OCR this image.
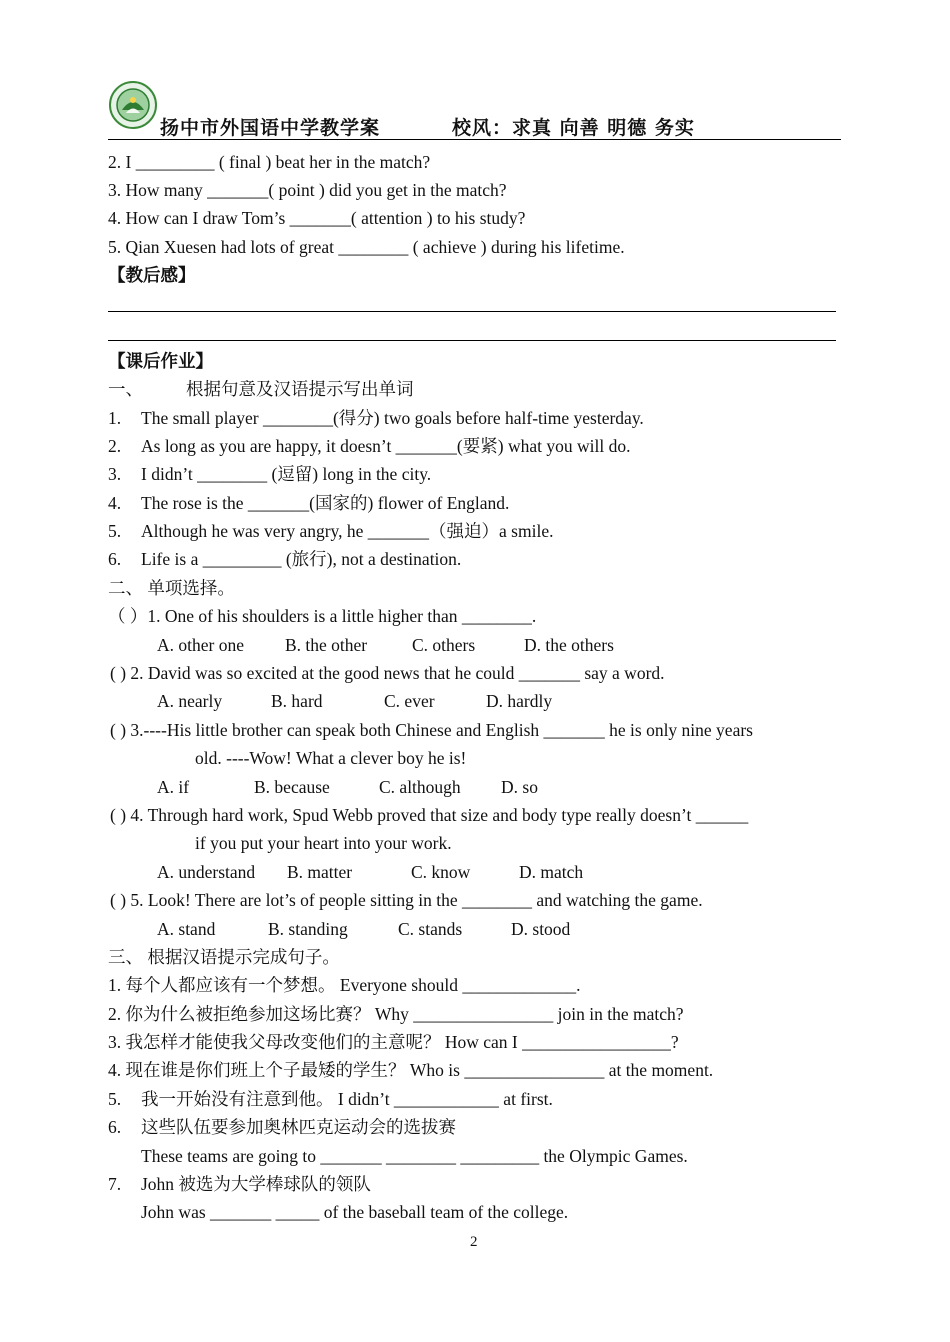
扬中市外国语中学教学案	校风：求真 向善 明德 务实
2. I _________ ( final ) beat her in the match?
3. How many _______( point ) did you get in the match?
4. How can I draw Tom’s _______( attention ) to his study?
5. Qian Xuesen had lots of great ________ ( achieve ) during his lifetime.
【教后感】
【课后作业】
一、 根据句意及汉语提示写出单词
1. The small player ________(得分) two goals before half-time yesterday.
2. As long as you are happy, it doesn’t _______(要紧) what you will do.
3. I didn’t ________ (逗留) long in the city.
4. The rose is the _______(国家的) flower of England.
5. Although he was very angry, he _______（强迫）a smile.
6. Life is a _________ (旅行), not a destination.
二、 单项选择。
（ ）1. One of his shoulders is a little higher than ________.
A. other one B. the other	C. others	D. the others
( ) 2. David was so excited at the good news that he could _______ say a word.
A. nearly	B. hard	C. ever	D. hardly
( ) 3.----His little brother can speak both Chinese and English _______ he is only nine years
old. ----Wow! What a clever boy he is!
A. if	B. because	C. although D. so
( ) 4. Through hard work, Spud Webb proved that size and body type really doesn’t ______
if you put your heart into your work.
A. understand B. matter	C. know	D. match
( ) 5. Look! There are lot’s of people sitting in the ________ and watching the game.
A. stand	B. standing	C. stands	D. stood
三、 根据汉语提示完成句子。
1. 每个人都应该有一个梦想。 Everyone should _____________.
2. 你为什么被拒绝参加这场比赛？ Why ________________ join in the match?
3. 我怎样才能使我父母改变他们的主意呢？ How can I _________________?
4. 现在谁是你们班上个子最矮的学生？ Who is ________________ at the moment.
5. 我一开始没有注意到他。 I didn’t ____________ at first.
6. 这些队伍要参加奥林匹克运动会的选拔赛
These teams are going to _______ ________ _________ the Olympic Games.
7. John 被选为大学棒球队的领队
John was _______ _____ of the baseball team of the college.
2
